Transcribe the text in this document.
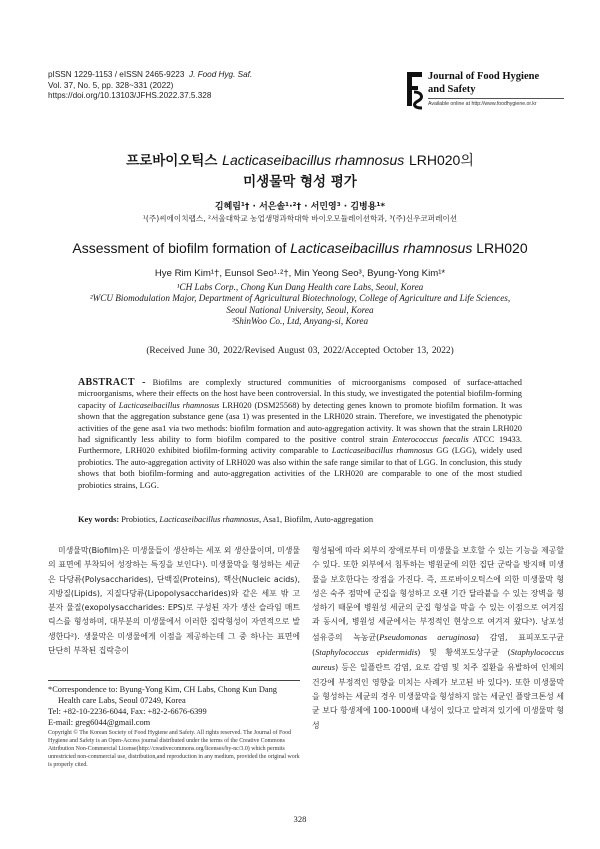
pISSN 1229-1153 / eISSN 2465-9223 J. Food Hyg. Saf.
Vol. 37, No. 5, pp. 328~331 (2022)
https://doi.org/10.13103/JFHS.2022.37.5.328
Journal of Food Hygiene
and Safety
Available online at http://www.foodhygiene.or.kr
프로바이오틱스 Lacticaseibacillus rhamnosus LRH020의
미생물막 형성 평가
김혜림¹† · 서은솔¹·²† · 서민영³ · 김병용¹*
¹(주)씨에이치랩스, ²서울대학교 농업생명과학대학 바이오모듈레이션학과, ³(주)신우코퍼레이션
Assessment of biofilm formation of Lacticaseibacillus rhamnosus LRH020
Hye Rim Kim¹†, Eunsol Seo¹·²†, Min Yeong Seo³, Byung-Yong Kim¹*
¹CH Labs Corp., Chong Kun Dang Health care Labs, Seoul, Korea
²WCU Biomodulation Major, Department of Agricultural Biotechnology, College of Agriculture and Life Sciences,
Seoul National University, Seoul, Korea
³ShinWoo Co., Ltd, Anyang-si, Korea
(Received June 30, 2022/Revised August 03, 2022/Accepted October 13, 2022)
ABSTRACT - Biofilms are complexly structured communities of microorganisms composed of surface-attached microorganisms, where their effects on the host have been controversial. In this study, we investigated the potential biofilm-forming capacity of Lacticaseibacillus rhamnosus LRH020 (DSM25568) by detecting genes known to promote biofilm formation. It was shown that the aggregation substance gene (asa 1) was presented in the LRH020 strain. Therefore, we investigated the phenotypic activities of the gene asa1 via two methods: biofilm formation and auto-aggregation activity. It was shown that the strain LRH020 had significantly less ability to form biofilm compared to the positive control strain Enterococcus faecalis ATCC 19433. Furthermore, LRH020 exhibited biofilm-forming activity comparable to Lacticaseibacillus rhamnosus GG (LGG), widely used probiotics. The auto-aggregation activity of LRH020 was also within the safe range similar to that of LGG. In conclusion, this study shows that both biofilm-forming and auto-aggregation activities of the LRH020 are comparable to one of the most studied probiotics strains, LGG.
Key words: Probiotics, Lacticaseibacillus rhamnosus, Asa1, Biofilm, Auto-aggregation
미생물막(Biofilm)은 미생물들이 생산하는 세포 외 생산물이며, 미생물의 표면에 부착되어 성장하는 특징을 보인다¹). 미생물막을 형성하는 세균은 다당류(Polysaccharides), 단백질(Proteins), 핵산(Nucleic acids), 지방질(Lipids), 지질다당류(Lipopolysaccharides)와 같은 세포 밖 고분자 물질(exopolysaccharides: EPS)로 구성된 자가 생산 슬라임 매트릭스를 형성하며, 대부분의 미생물에서 이러한 집락형성이 자연적으로 발생한다²). 생물막은 미생물에게 이점을 제공하는데 그 중 하나는 표면에 단단히 부착된 집락층이
형성됨에 따라 외부의 장애로부터 미생물을 보호할 수 있는 기능을 제공할 수 있다. 또한 외부에서 침투하는 병원균에 의한 집단 군락을 방지해 미생물을 보호한다는 장점을 가진다. 즉, 프로바이오틱스에 의한 미생물막 형성은 숙주 점막에 군집을 형성하고 오랜 기간 달라붙을 수 있는 장벽을 형성하기 때문에 병원성 세균의 군집 형성을 막을 수 있는 이점으로 여겨짐과 동시에, 병원성 세균에서는 부정적인 현상으로 여겨져 왔다³). 낭포성 섬유증의 녹농균(Pseudomonas aeruginosa) 감염, 표피포도구균(Staphylococcus epidermidis) 및 황색포도상구균 (Staphylococcus aureus) 등은 일플란트 감염, 요로 감염 및 치주 질환을 유발하여 인체의 건강에 부정적인 영향을 미치는 사례가 보고된 바 있다³). 또한 미생물막을 형성하는 세균의 경우 미생물막을 형성하지 않는 세균인 플랑크톤성 세균 보다 항생제에 100-1000배 내성이 있다고 알려져 있기에 미생물막 형성

*Correspondence to: Byung-Yong Kim, CH Labs, Chong Kun Dang Health care Labs, Seoul 07249, Korea

Tel: +82-10-2236-6044, Fax: +82-2-6676-6399

E-mail: greg6044@gmail.com

Copyright © The Korean Society of Food Hygiene and Safety. All rights reserved. The Journal of Food Hygiene and Safety is an Open-Access journal distributed under the terms of the Creative Commons Attribution Non-Commercial License(http://creativecommons.org/licenses/by-nc/3.0) which permits unrestricted non-commercial use, distribution,and reproduction in any medium, provided the original work is properly cited.
328
